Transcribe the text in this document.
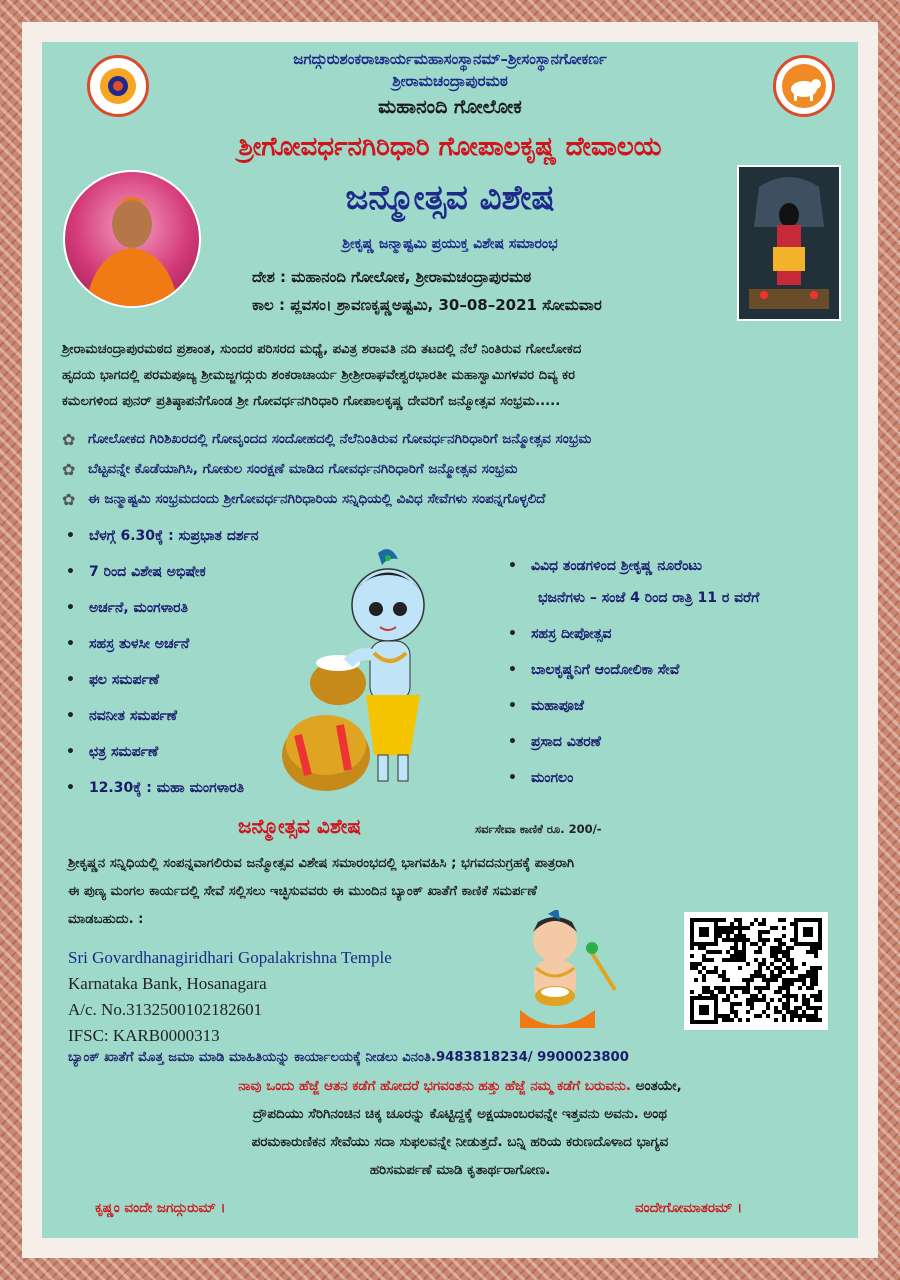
ಜಗದ್ಗುರುಶಂಕರಾಚಾರ್ಯಮಹಾಸಂಸ್ಥಾನಮ್–ಶ್ರೀಸಂಸ್ಥಾನಗೋಕರ್ಣ
ಶ್ರೀರಾಮಚಂದ್ರಾಪುರಮಠ
ಮಹಾನಂದಿ ಗೋಲೋಕ
ಶ್ರೀಗೋವರ್ಧನಗಿರಿಧಾರಿ ಗೋಪಾಲಕೃಷ್ಣ ದೇವಾಲಯ
ಜನ್ಮೋತ್ಸವ ವಿಶೇಷ
ಶ್ರೀಕೃಷ್ಣ ಜನ್ಮಾಷ್ಟಮಿ ಪ್ರಯುಕ್ತ ವಿಶೇಷ ಸಮಾರಂಭ
ದೇಶ : ಮಹಾನಂದಿ ಗೋಲೋಕ, ಶ್ರೀರಾಮಚಂದ್ರಾಪುರಮಠ
ಕಾಲ : ಪ್ಲವಸಂ। ಶ್ರಾವಣಕೃಷ್ಣಅಷ್ಟಮಿ, 30–08–2021 ಸೋಮವಾರ
ಶ್ರೀರಾಮಚಂದ್ರಾಪುರಮಠದ ಪ್ರಶಾಂತ, ಸುಂದರ ಪರಿಸರದ ಮಧ್ಯೆ, ಪವಿತ್ರ ಶರಾವತಿ ನದಿ ತಟದಲ್ಲಿ ನೆಲೆ ನಿಂತಿರುವ ಗೋಲೋಕದ
ಹೃದಯ ಭಾಗದಲ್ಲಿ ಪರಮಪೂಜ್ಯ ಶ್ರೀಮಜ್ಜಗದ್ಗುರು ಶಂಕರಾಚಾರ್ಯ ಶ್ರೀಶ್ರೀರಾಘವೇಶ್ವರಭಾರತೀ ಮಹಾಸ್ವಾಮಿಗಳವರ ದಿವ್ಯ ಕರ
ಕಮಲಗಳಿಂದ ಪುನರ್ ಪ್ರತಿಷ್ಠಾಪನೆಗೊಂಡ ಶ್ರೀ ಗೋವರ್ಧನಗಿರಿಧಾರಿ ಗೋಪಾಲಕೃಷ್ಣ ದೇವರಿಗೆ ಜನ್ಮೋತ್ಸವ ಸಂಭ್ರಮ.....
✿ ಗೋಲೋಕದ ಗಿರಿಶಿಖರದಲ್ಲಿ ಗೋವೃಂದದ ಸಂದೋಹದಲ್ಲಿ ನೆಲೆನಿಂತಿರುವ ಗೋವರ್ಧನಗಿರಿಧಾರಿಗೆ ಜನ್ಮೋತ್ಸವ ಸಂಭ್ರಮ
✿ ಬೆಟ್ಟವನ್ನೇ ಕೊಡೆಯಾಗಿಸಿ, ಗೋಕುಲ ಸಂರಕ್ಷಣೆ ಮಾಡಿದ ಗೋವರ್ಧನಗಿರಿಧಾರಿಗೆ ಜನ್ಮೋತ್ಸವ ಸಂಭ್ರಮ
✿ ಈ ಜನ್ಮಾಷ್ಟಮಿ ಸಂಭ್ರಮದಂದು ಶ್ರೀಗೋವರ್ಧನಗಿರಿಧಾರಿಯ ಸನ್ನಿಧಿಯಲ್ಲಿ ವಿವಿಧ ಸೇವೆಗಳು ಸಂಪನ್ನಗೊಳ್ಳಲಿದೆ
• ಬೆಳಗ್ಗೆ 6.30ಕ್ಕೆ : ಸುಪ್ರಭಾತ ದರ್ಶನ
• 7 ರಿಂದ ವಿಶೇಷ ಅಭಿಷೇಕ
• ಅರ್ಚನೆ, ಮಂಗಳಾರತಿ
• ಸಹಸ್ರ ತುಳಸೀ ಅರ್ಚನೆ
• ಫಲ ಸಮರ್ಪಣೆ
• ನವನೀತ ಸಮರ್ಪಣೆ
• ಛತ್ರ ಸಮರ್ಪಣೆ
• 12.30ಕ್ಕೆ : ಮಹಾ ಮಂಗಳಾರತಿ
• ವಿವಿಧ ತಂಡಗಳಿಂದ ಶ್ರೀಕೃಷ್ಣ ನೂರೆಂಟು
ಭಜನೆಗಳು – ಸಂಜೆ 4 ರಿಂದ ರಾತ್ರಿ 11 ರ ವರೆಗೆ
• ಸಹಸ್ರ ದೀಪೋತ್ಸವ
• ಬಾಲಕೃಷ್ಣನಿಗೆ ಆಂದೋಲಿಕಾ ಸೇವೆ
• ಮಹಾಪೂಜೆ
• ಪ್ರಸಾದ ವಿತರಣೆ
• ಮಂಗಲಂ
ಜನ್ಮೋತ್ಸವ ವಿಶೇಷ	ಸರ್ವಸೇವಾ ಕಾಣಿಕೆ ರೂ. 200/-
ಶ್ರೀಕೃಷ್ಣನ ಸನ್ನಿಧಿಯಲ್ಲಿ ಸಂಪನ್ನವಾಗಲಿರುವ ಜನ್ಮೋತ್ಸವ ವಿಶೇಷ ಸಮಾರಂಭದಲ್ಲಿ ಭಾಗವಹಿಸಿ ; ಭಗವದನುಗ್ರಹಕ್ಕೆ ಪಾತ್ರರಾಗಿ
ಈ ಪುಣ್ಯ ಮಂಗಲ ಕಾರ್ಯದಲ್ಲಿ ಸೇವೆ ಸಲ್ಲಿಸಲು ಇಚ್ಛಿಸುವವರು ಈ ಮುಂದಿನ ಬ್ಯಾಂಕ್ ಖಾತೆಗೆ ಕಾಣಿಕೆ ಸಮರ್ಪಣೆ
ಮಾಡಬಹುದು. :
Sri Govardhanagiridhari Gopalakrishna Temple
Karnataka Bank, Hosanagara
A/c. No.3132500102182601
IFSC: KARB0000313
ಬ್ಯಾಂಕ್ ಖಾತೆಗೆ ಮೊತ್ತ ಜಮಾ ಮಾಡಿ ಮಾಹಿತಿಯನ್ನು ಕಾರ್ಯಾಲಯಕ್ಕೆ ನೀಡಲು ವಿನಂತಿ.9483818234/ 9900023800
ನಾವು ಒಂದು ಹೆಜ್ಜೆ ಆತನ ಕಡೆಗೆ ಹೋದರೆ ಭಗವಂತನು ಹತ್ತು ಹೆಜ್ಜೆ ನಮ್ಮ ಕಡೆಗೆ ಬರುವನು. ಅಂತಯೇ,
ದ್ರೌಪದಿಯು ಸೆರಿಗಿನಂಚಿನ ಚಿಕ್ಕ ಚೂರನ್ನು ಕೊಟ್ಟಿದ್ದಕ್ಕೆ ಅಕ್ಷಯಾಂಬರವನ್ನೇ ಇತ್ತವನು ಅವನು. ಅಂಥ
ಪರಮಕಾರುಣಿಕನ ಸೇವೆಯು ಸದಾ ಸುಫಲವನ್ನೇ ನೀಡುತ್ತದೆ. ಬನ್ನಿ ಹರಿಯ ಕರುಣದೊಳಾದ ಭಾಗ್ಯವ
ಹರಿಸಮರ್ಪಣೆ ಮಾಡಿ ಕೃತಾರ್ಥರಾಗೋಣ.
ಕೃಷ್ಣಂ ವಂದೇ ಜಗದ್ಗುರುಮ್ ।	ವಂದೇಗೋಮಾತರಮ್ ।
